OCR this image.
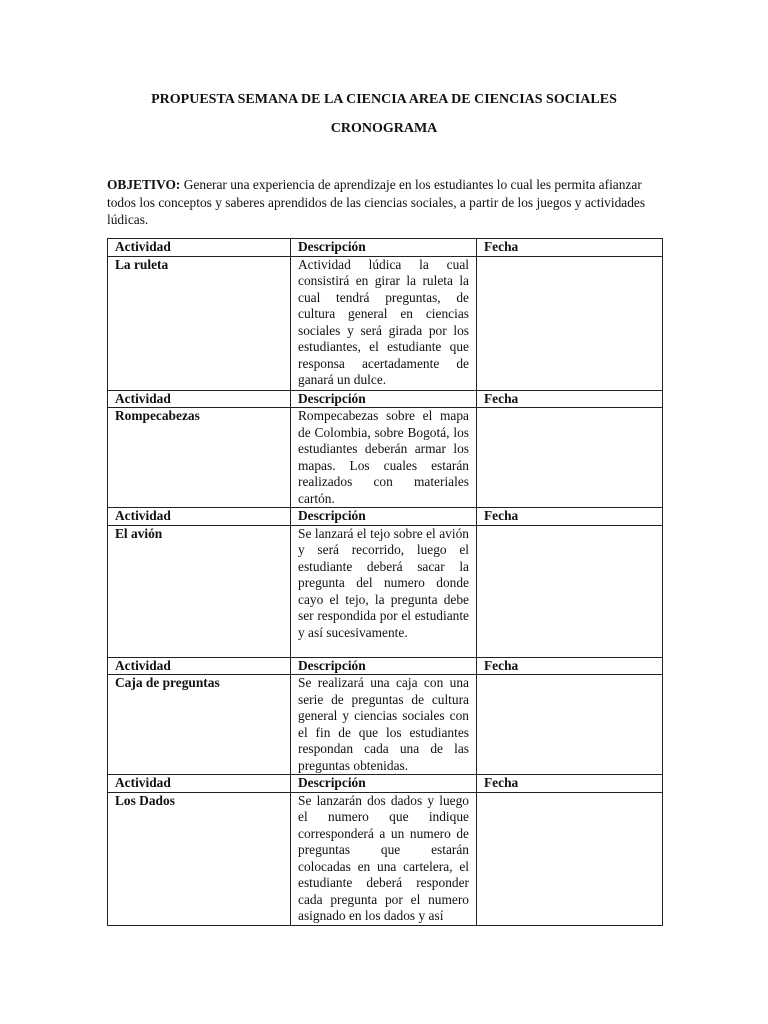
PROPUESTA SEMANA DE LA CIENCIA AREA DE CIENCIAS SOCIALES
CRONOGRAMA
OBJETIVO: Generar una experiencia de aprendizaje en los estudiantes lo cual les permita afianzar todos los conceptos y saberes aprendidos de las ciencias sociales, a partir de los juegos y actividades lúdicas.
Actividad	Descripción	Fecha
La ruleta	Actividad lúdica la cual consistirá en girar la ruleta la cual tendrá preguntas, de cultura general en ciencias sociales y será girada por los estudiantes, el estudiante que responsa acertadamente de ganará un dulce.	
Actividad	Descripción	Fecha
Rompecabezas	Rompecabezas sobre el mapa de Colombia, sobre Bogotá, los estudiantes deberán armar los mapas. Los cuales estarán realizados con materiales cartón.	
Actividad	Descripción	Fecha
El avión	Se lanzará el tejo sobre el avión y será recorrido, luego el estudiante deberá sacar la pregunta del numero donde cayo el tejo, la pregunta debe ser respondida por el estudiante y así sucesivamente.	
Actividad	Descripción	Fecha
Caja de preguntas	Se realizará una caja con una serie de preguntas de cultura general y ciencias sociales con el fin de que los estudiantes respondan cada una de las preguntas obtenidas.	
Actividad	Descripción	Fecha
Los Dados	Se lanzarán dos dados y luego el numero que indique corresponderá a un numero de preguntas que estarán colocadas en una cartelera, el estudiante deberá responder cada pregunta por el numero asignado en los dados y así	
